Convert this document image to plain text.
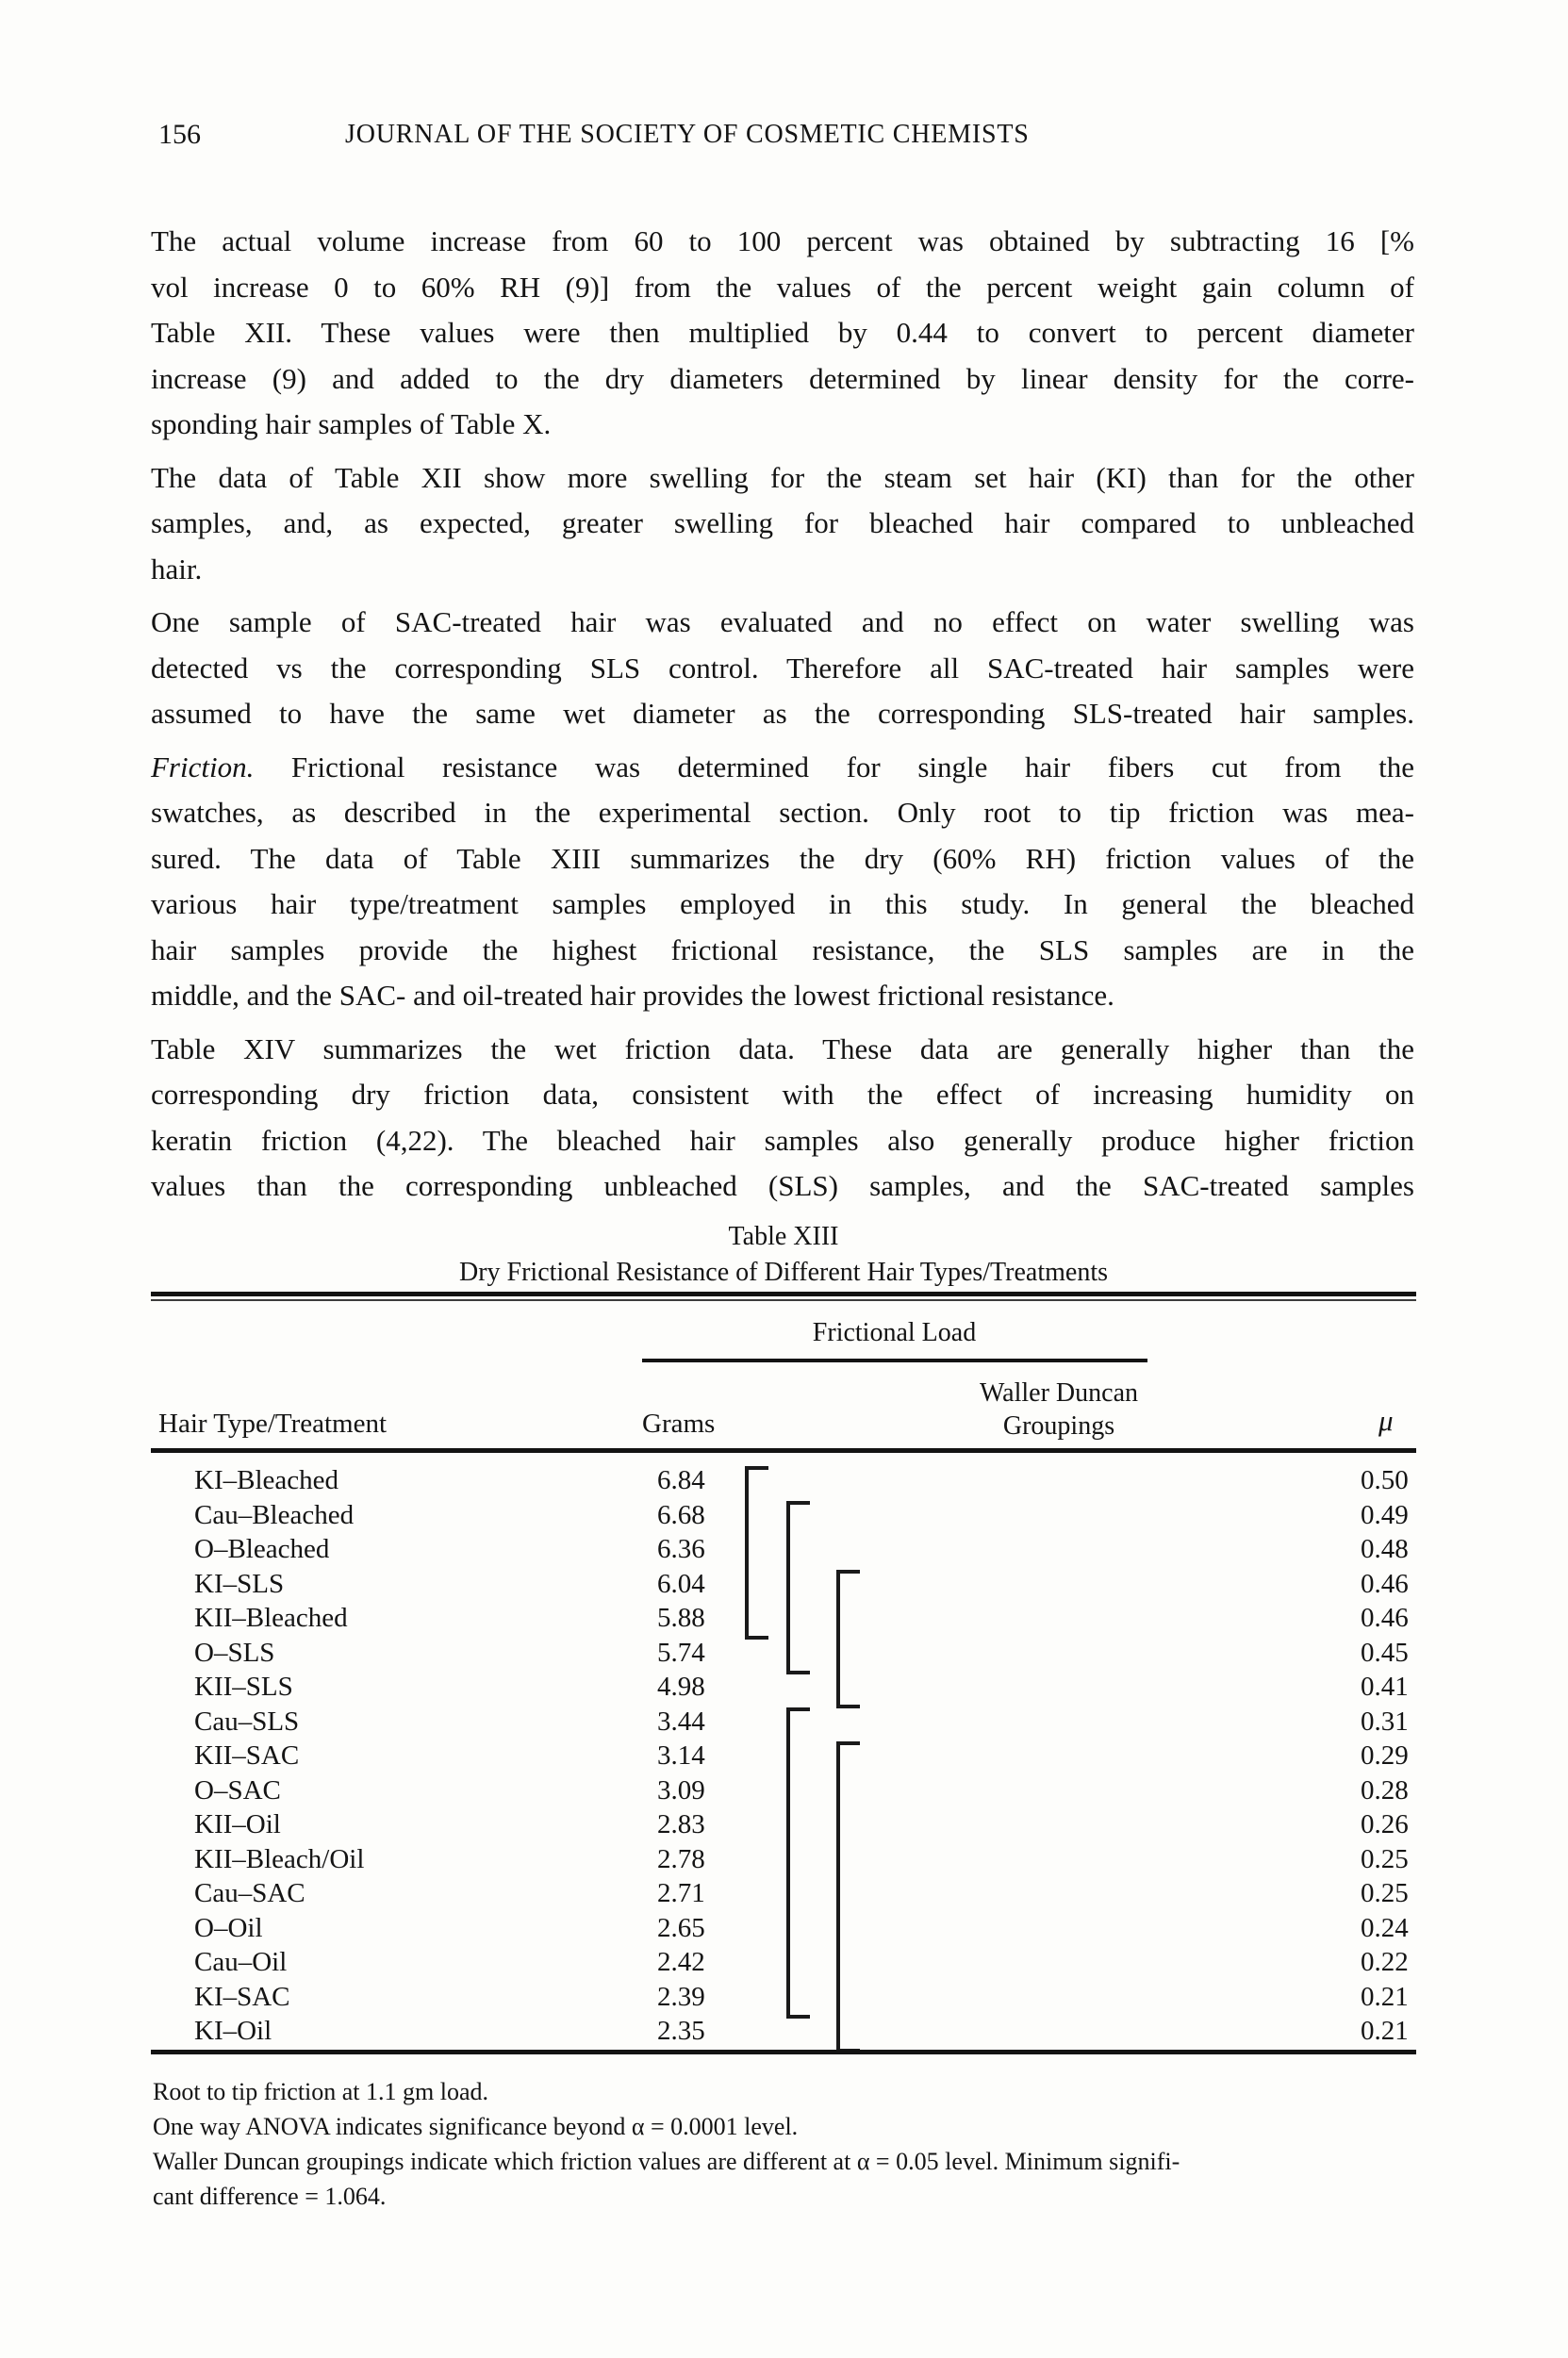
156	JOURNAL OF THE SOCIETY OF COSMETIC CHEMISTS
The actual volume increase from 60 to 100 percent was obtained by subtracting 16 [%
vol increase 0 to 60% RH (9)] from the values of the percent weight gain column of
Table XII. These values were then multiplied by 0.44 to convert to percent diameter
increase (9) and added to the dry diameters determined by linear density for the corre-
sponding hair samples of Table X.
The data of Table XII show more swelling for the steam set hair (KI) than for the other
samples, and, as expected, greater swelling for bleached hair compared to unbleached
hair.
One sample of SAC-treated hair was evaluated and no effect on water swelling was
detected vs the corresponding SLS control. Therefore all SAC-treated hair samples were
assumed to have the same wet diameter as the corresponding SLS-treated hair samples.
Friction. Frictional resistance was determined for single hair fibers cut from the
swatches, as described in the experimental section. Only root to tip friction was mea-
sured. The data of Table XIII summarizes the dry (60% RH) friction values of the
various hair type/treatment samples employed in this study. In general the bleached
hair samples provide the highest frictional resistance, the SLS samples are in the
middle, and the SAC- and oil-treated hair provides the lowest frictional resistance.
Table XIV summarizes the wet friction data. These data are generally higher than the
corresponding dry friction data, consistent with the effect of increasing humidity on
keratin friction (4,22). The bleached hair samples also generally produce higher friction
values than the corresponding unbleached (SLS) samples, and the SAC-treated samples
Table XIII
Dry Frictional Resistance of Different Hair Types/Treatments
Frictional Load
Waller Duncan
Groupings
Hair Type/Treatment	Grams	μ
KI–Bleached	6.84	0.50
Cau–Bleached	6.68	0.49
O–Bleached	6.36	0.48
KI–SLS	6.04	0.46
KII–Bleached	5.88	0.46
O–SLS	5.74	0.45
KII–SLS	4.98	0.41
Cau–SLS	3.44	0.31
KII–SAC	3.14	0.29
O–SAC	3.09	0.28
KII–Oil	2.83	0.26
KII–Bleach/Oil	2.78	0.25
Cau–SAC	2.71	0.25
O–Oil	2.65	0.24
Cau–Oil	2.42	0.22
KI–SAC	2.39	0.21
KI–Oil	2.35	0.21
Root to tip friction at 1.1 gm load.
One way ANOVA indicates significance beyond α = 0.0001 level.
Waller Duncan groupings indicate which friction values are different at α = 0.05 level. Minimum signifi-
cant difference = 1.064.
